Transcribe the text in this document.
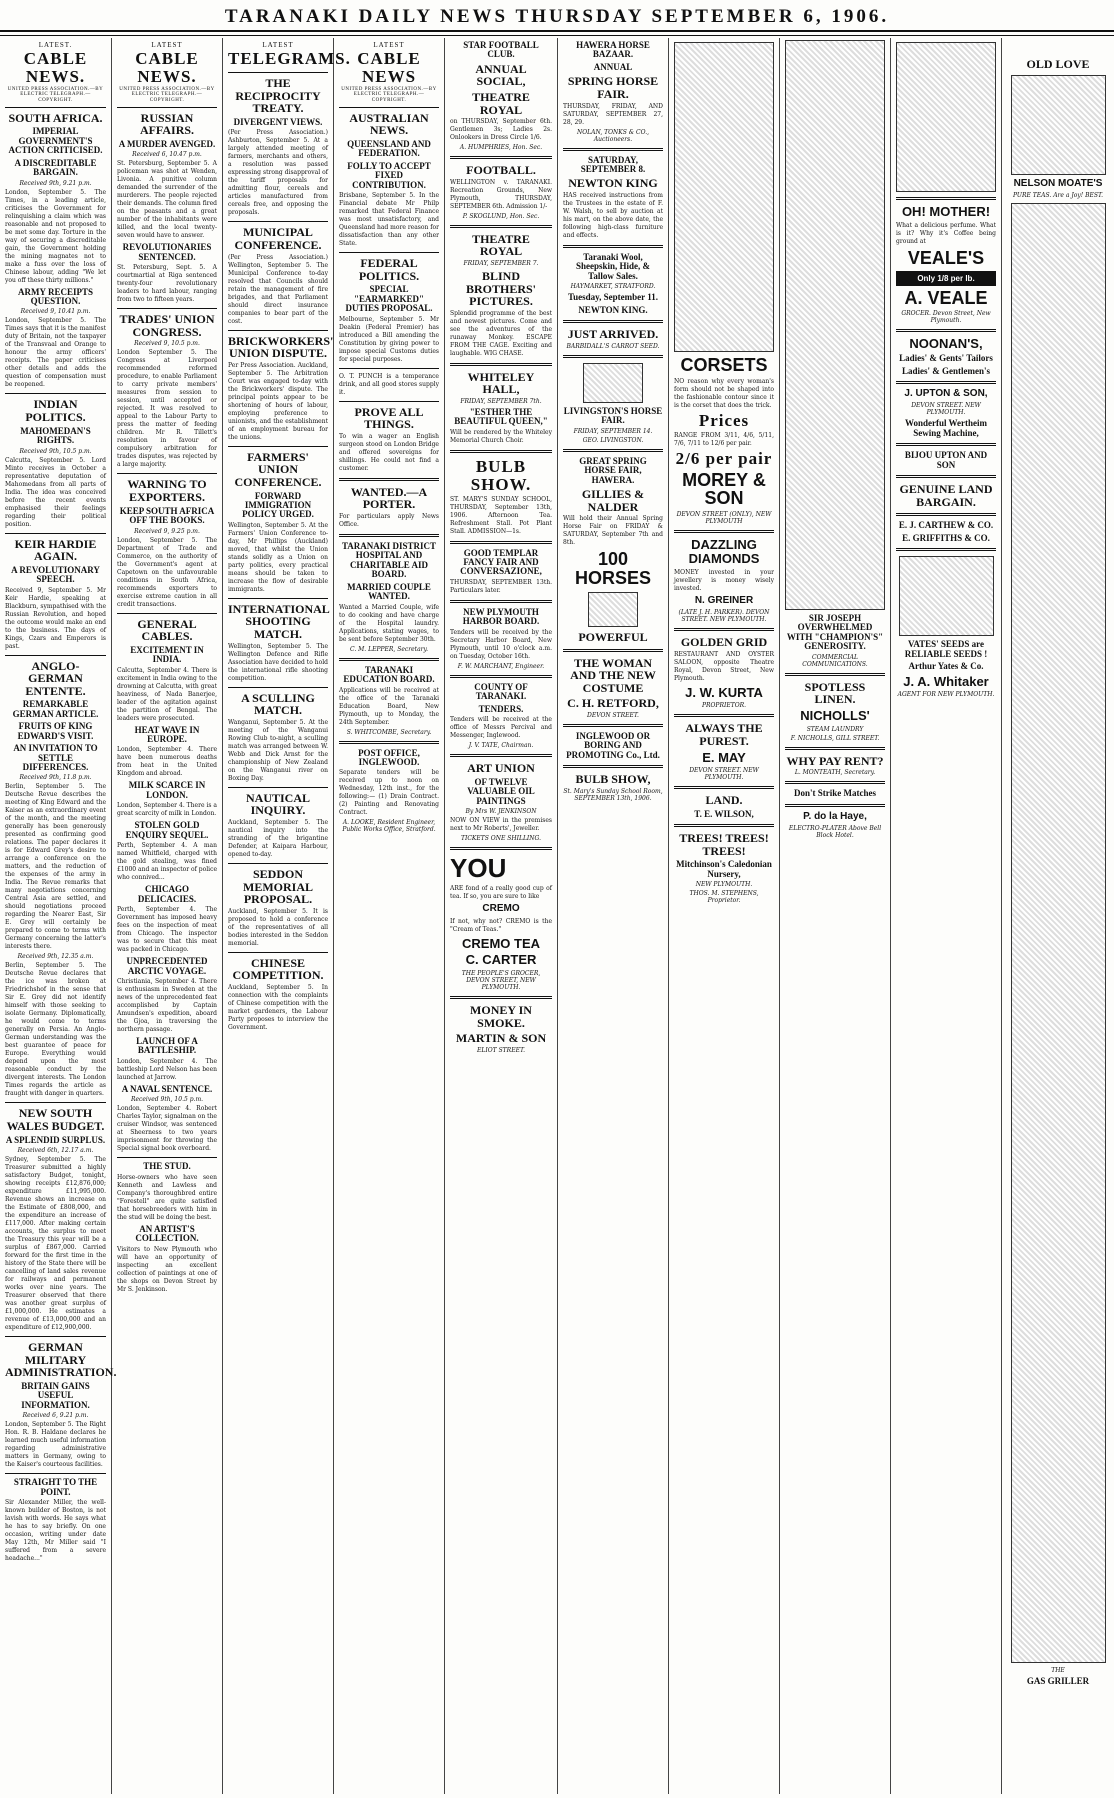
TARANAKI DAILY NEWS THURSDAY SEPTEMBER 6, 1906.
LATEST.
CABLE NEWS.
UNITED PRESS ASSOCIATION.—BY ELECTRIC TELEGRAPH.—COPYRIGHT.
SOUTH AFRICA.
IMPERIAL GOVERNMENT'S ACTION CRITICISED.
A DISCREDITABLE BARGAIN.
Received 9th, 9.21 p.m.

London, September 5. The Times, in a leading article, criticises the Government for relinquishing a claim which was reasonable and not proposed to be met some day. Torture in the way of securing a discreditable gain, the Government holding the mining magnates not to make a fuss over the loss of Chinese labour, adding "We let you off these thirty millions."

ARMY RECEIPTS QUESTION.
Received 9, 10.41 p.m.

London, September 5. The Times says that it is the manifest duty of Britain, not the taxpayer of the Transvaal and Orange to honour the army officers' receipts. The paper criticises other details and adds the question of compensation must be reopened.

INDIAN POLITICS.
MAHOMEDAN'S RIGHTS.
Received 9th, 10.5 p.m.

Calcutta, September 5. Lord Minto receives in October a representative deputation of Mahomedans from all parts of India. The idea was conceived before the recent events emphasised their feelings regarding their political position.

KEIR HARDIE AGAIN.
A REVOLUTIONARY SPEECH.

Received 9, September 5. Mr Keir Hardie, speaking at Blackburn, sympathised with the Russian Revolution, and hoped the outcome would make an end to the business. The days of Kings, Czars and Emperors is past.

ANGLO-GERMAN ENTENTE.
REMARKABLE GERMAN ARTICLE.
FRUITS OF KING EDWARD'S VISIT.
AN INVITATION TO SETTLE DIFFERENCES.
Received 9th, 11.8 p.m.

Berlin, September 5. The Deutsche Revue describes the meeting of King Edward and the Kaiser as an extraordinary event of the month, and the meeting generally has been generously presented as confirming good relations. The paper declares it is for Edward Grey's desire to arrange a conference on the matters, and the reduction of the expenses of the army in India. The Revue remarks that many negotiations concerning Central Asia are settled, and should negotiations proceed regarding the Nearer East, Sir E. Grey will certainly be prepared to come to terms with Germany concerning the latter's interests there.

Received 9th, 12.35 a.m.

Berlin, September 5. The Deutsche Revue declares that the ice was broken at Friedrichshof in the sense that Sir E. Grey did not identify himself with those seeking to isolate Germany. Diplomatically, he would come to terms generally on Persia. An Anglo-German understanding was the best guarantee of peace for Europe. Everything would depend upon the most reasonable conduct by the divergent interests. The London Times regards the article as fraught with danger in quarters.

NEW SOUTH WALES BUDGET.
A SPLENDID SURPLUS.
Received 6th, 12.17 a.m.

Sydney, September 5. The Treasurer submitted a highly satisfactory Budget, tonight, showing receipts £12,876,000; expenditure £11,995,000. Revenue shows an increase on the Estimate of £808,000, and the expenditure an increase of £117,000. After making certain accounts, the surplus to meet the Treasury this year will be a surplus of £867,000. Carried forward for the first time in the history of the State there will be cancelling of land sales revenue for railways and permanent works over nine years. The Treasurer observed that there was another great surplus of £1,000,000. He estimates a revenue of £13,000,000 and an expenditure of £12,900,000.

GERMAN MILITARY ADMINISTRATION.
BRITAIN GAINS USEFUL INFORMATION.
Received 6, 9.21 p.m.

London, September 5. The Right Hon. R. B. Haldane declares he learned much useful information regarding administrative matters in Germany, owing to the Kaiser's courteous facilities.

STRAIGHT TO THE POINT.

Sir Alexander Miller, the well-known builder of Boston, is not lavish with words. He says what he has to say briefly. On one occasion, writing under date May 12th, Mr Miller said "I suffered from a severe headache..."

LATEST
CABLE NEWS.
UNITED PRESS ASSOCIATION.—BY ELECTRIC TELEGRAPH.—COPYRIGHT.
RUSSIAN AFFAIRS.
A MURDER AVENGED.
Received 6, 10.47 p.m.

St. Petersburg, September 5. A policeman was shot at Wenden, Livonia. A punitive column demanded the surrender of the murderers. The people rejected their demands. The column fired on the peasants and a great number of the inhabitants were killed, and the local twenty-seven would have to answer.

REVOLUTIONARIES SENTENCED.

St. Petersburg, Sept. 5. A courtmartial at Riga sentenced twenty-four revolutionary leaders to hard labour, ranging from two to fifteen years.

TRADES' UNION CONGRESS.
Received 9, 10.5 p.m.

London September 5. The Congress at Liverpool recommended reformed procedure, to enable Parliament to carry private members' measures from session to session, until accepted or rejected. It was resolved to appeal to the Labour Party to press the matter of feeding children. Mr R. Tillett's resolution in favour of compulsory arbitration for trades disputes, was rejected by a large majority.

WARNING TO EXPORTERS.
KEEP SOUTH AFRICA OFF THE BOOKS.
Received 9, 9.25 p.m.

London, September 5. The Department of Trade and Commerce, on the authority of the Government's agent at Capetown on the unfavourable conditions in South Africa, recommends exporters to exercise extreme caution in all credit transactions.

GENERAL CABLES.
EXCITEMENT IN INDIA.

Calcutta, September 4. There is excitement in India owing to the drowning at Calcutta, with great heaviness, of Nada Banerjee, leader of the agitation against the partition of Bengal. The leaders were prosecuted.

HEAT WAVE IN EUROPE.

London, September 4. There have been numerous deaths from heat in the United Kingdom and abroad.

MILK SCARCE IN LONDON.

London, September 4. There is a great scarcity of milk in London.

STOLEN GOLD ENQUIRY SEQUEL.

Perth, September 4. A man named Whitfield, charged with the gold stealing, was fined £1000 and an inspector of police who connived...

CHICAGO DELICACIES.

Perth, September 4. The Government has imposed heavy fees on the inspection of meat from Chicago. The inspector was to secure that this meat was packed in Chicago.

UNPRECEDENTED ARCTIC VOYAGE.

Christiania, September 4. There is enthusiasm in Sweden at the news of the unprecedented feat accomplished by Captain Amundsen's expedition, aboard the Gjoa, in traversing the northern passage.

LAUNCH OF A BATTLESHIP.

London, September 4. The battleship Lord Nelson has been launched at Jarrow.

A NAVAL SENTENCE.
Received 9th, 10.5 p.m.

London, September 4. Robert Charles Taylor, signalman on the cruiser Windsor, was sentenced at Sheerness to two years imprisonment for throwing the Special signal book overboard.

THE STUD.

Horse-owners who have seen Kenneth and Lawless and Company's thoroughbred entire "Forestell" are quite satisfied that horsebreeders with him in the stud will be doing the best.

AN ARTIST'S COLLECTION.

Visitors to New Plymouth who will have an opportunity of inspecting an excellent collection of paintings at one of the shops on Devon Street by Mr S. Jenkinson.

LATEST
TELEGRAMS.
THE RECIPROCITY TREATY.
DIVERGENT VIEWS.

(Per Press Association.) Ashburton, September 5. At a largely attended meeting of farmers, merchants and others, a resolution was passed expressing strong disapproval of the tariff proposals for admitting flour, cereals and articles manufactured from cereals free, and opposing the proposals.

MUNICIPAL CONFERENCE.

(Per Press Association.) Wellington, September 5. The Municipal Conference to-day resolved that Councils should retain the management of fire brigades, and that Parliament should direct insurance companies to bear part of the cost.

BRICKWORKERS' UNION DISPUTE.

Per Press Association. Auckland, September 5. The Arbitration Court was engaged to-day with the Brickworkers' dispute. The principal points appear to be shortening of hours of labour, employing preference to unionists, and the establishment of an employment bureau for the unions.

FARMERS' UNION CONFERENCE.
FORWARD IMMIGRATION POLICY URGED.

Wellington, September 5. At the Farmers' Union Conference to-day, Mr Phillips (Auckland) moved, that whilst the Union stands solidly as a Union on party politics, every practical means should be taken to increase the flow of desirable immigrants.

INTERNATIONAL SHOOTING MATCH.

Wellington, September 5. The Wellington Defence and Rifle Association have decided to hold the international rifle shooting competition.

A SCULLING MATCH.

Wanganui, September 5. At the meeting of the Wanganui Rowing Club to-night, a sculling match was arranged between W. Webb and Dick Arnst for the championship of New Zealand on the Wanganui river on Boxing Day.

NAUTICAL INQUIRY.

Auckland, September 5. The nautical inquiry into the stranding of the brigantine Defender, at Kaipara Harbour, opened to-day.

SEDDON MEMORIAL PROPOSAL.

Auckland, September 5. It is proposed to hold a conference of the representatives of all bodies interested in the Seddon memorial.

CHINESE COMPETITION.

Auckland, September 5. In connection with the complaints of Chinese competition with the market gardeners, the Labour Party proposes to interview the Government.

LATEST
CABLE NEWS
UNITED PRESS ASSOCIATION.—BY ELECTRIC TELEGRAPH.—COPYRIGHT.
AUSTRALIAN NEWS.
QUEENSLAND AND FEDERATION.
FOLLY TO ACCEPT FIXED CONTRIBUTION.

Brisbane, September 5. In the Financial debate Mr Philp remarked that Federal Finance was most unsatisfactory, and Queensland had more reason for dissatisfaction than any other State.

FEDERAL POLITICS.
SPECIAL "EARMARKED" DUTIES PROPOSAL.

Melbourne, September 5. Mr Deakin (Federal Premier) has introduced a Bill amending the Constitution by giving power to impose special Customs duties for special purposes.

O. T. PUNCH is a temperance drink, and all good stores supply it.

PROVE ALL THINGS.

To win a wager an English surgeon stood on London Bridge and offered sovereigns for shillings. He could not find a customer.

WANTED.—A PORTER.

For particulars apply News Office.

TARANAKI DISTRICT HOSPITAL AND CHARITABLE AID BOARD.
MARRIED COUPLE WANTED.

Wanted a Married Couple, wife to do cooking and have charge of the Hospital laundry. Applications, stating wages, to be sent before September 30th.

C. M. LEPPER, Secretary.
TARANAKI EDUCATION BOARD.

Applications will be received at the office of the Taranaki Education Board, New Plymouth, up to Monday, the 24th September.

S. WHITCOMBE, Secretary.
POST OFFICE, INGLEWOOD.

Separate tenders will be received up to noon on Wednesday, 12th inst., for the following:— (1) Drain Contract. (2) Painting and Renovating Contract.

A. LOOKE, Resident Engineer, Public Works Office, Stratford.
STAR FOOTBALL CLUB.
ANNUAL SOCIAL,
THEATRE ROYAL

on THURSDAY, September 6th. Gentlemen 3s; Ladies 2s. Onlookers in Dress Circle 1/6.

A. HUMPHRIES, Hon. Sec.
FOOTBALL.

WELLINGTON v. TARANAKI. Recreation Grounds, New Plymouth, THURSDAY, SEPTEMBER 6th. Admission 1/-

P. SKOGLUND, Hon. Sec.
THEATRE ROYAL
FRIDAY, SEPTEMBER 7.
BLIND BROTHERS' PICTURES.

Splendid programme of the best and newest pictures. Come and see the adventures of the runaway Monkey. ESCAPE FROM THE CAGE. Exciting and laughable. WIG CHASE.

WHITELEY HALL,
FRIDAY, SEPTEMBER 7th.
"ESTHER THE BEAUTIFUL QUEEN,"

Will be rendered by the Whiteley Memorial Church Choir.

BULB SHOW.

ST. MARY'S SUNDAY SCHOOL, THURSDAY, September 13th, 1906. Afternoon Tea. Refreshment Stall. Pot Plant Stall. ADMISSION—1s.

GOOD TEMPLAR FANCY FAIR AND CONVERSAZIONE,

THURSDAY, SEPTEMBER 13th. Particulars later.

NEW PLYMOUTH HARBOR BOARD.

Tenders will be received by the Secretary Harbor Board, New Plymouth, until 10 o'clock a.m. on Tuesday, October 16th.

F. W. MARCHANT, Engineer.
COUNTY OF TARANAKI.
TENDERS.

Tenders will be received at the office of Messrs Percival and Messenger, Inglewood.

J. V. TATE, Chairman.
ART UNION
OF TWELVE VALUABLE OIL PAINTINGS
By Mrs W. JENKINSON

NOW ON VIEW in the premises next to Mr Roberts', Jeweller.

TICKETS ONE SHILLING.
YOU

ARE fond of a really good cup of tea. If so, you are sure to like

CREMO

If not, why not? CREMO is the "Cream of Teas."

CREMO TEA
C. CARTER
THE PEOPLE'S GROCER, DEVON STREET, NEW PLYMOUTH.
MONEY IN SMOKE.
MARTIN & SON
ELIOT STREET.
HAWERA HORSE BAZAAR.
ANNUAL
SPRING HORSE FAIR.

THURSDAY, FRIDAY, AND SATURDAY, SEPTEMBER 27, 28, 29.

NOLAN, TONKS & CO., Auctioneers.
SATURDAY, SEPTEMBER 8.
NEWTON KING

HAS received instructions from the Trustees in the estate of F. W. Walsh, to sell by auction at his mart, on the above date, the following high-class furniture and effects.

Taranaki Wool, Sheepskin, Hide, & Tallow Sales.
HAYMARKET, STRATFORD.
Tuesday, September 11.
NEWTON KING.
JUST ARRIVED.
BARBIDALL'S CARROT SEED.
LIVINGSTON'S HORSE FAIR.
FRIDAY, SEPTEMBER 14.
GEO. LIVINGSTON.
GREAT SPRING HORSE FAIR, HAWERA.
GILLIES & NALDER

Will hold their Annual Spring Horse Fair on FRIDAY & SATURDAY, September 7th and 8th.

100 HORSES
POWERFUL
THE WOMAN AND THE NEW COSTUME
C. H. RETFORD,
DEVON STREET.
INGLEWOOD OR BORING AND PROMOTING Co., Ltd.
BULB SHOW,
St. Mary's Sunday School Room, SEPTEMBER 13th, 1906.
CORSETS

NO reason why every woman's form should not be shaped into the fashionable contour since it is the corset that does the trick.

Prices

RANGE FROM 3/11, 4/6, 5/11, 7/6, 7/11 to 12/6 per pair.

2/6 per pair
MOREY & SON
DEVON STREET (ONLY), NEW PLYMOUTH
DAZZLING DIAMONDS

MONEY invested in your jewellery is money wisely invested.

N. GREINER
(LATE J. H. PARKER). DEVON STREET. NEW PLYMOUTH.
GOLDEN GRID

RESTAURANT AND OYSTER SALOON, opposite Theatre Royal, Devon Street, New Plymouth.

J. W. KURTA
PROPRIETOR.
ALWAYS THE PUREST.
E. MAY
DEVON STREET. NEW PLYMOUTH.
LAND.
T. E. WILSON,
TREES! TREES! TREES!
Mitchinson's Caledonian Nursery,
NEW PLYMOUTH.
THOS. M. STEPHENS, Proprietor.
SIR JOSEPH OVERWHELMED WITH "CHAMPION'S" GENEROSITY.
COMMERCIAL COMMUNICATIONS.
SPOTLESS LINEN.
NICHOLLS'
STEAM LAUNDRY
F. NICHOLLS, GILL STREET.
WHY PAY RENT?
L. MONTEATH, Secretary.
Don't Strike Matches
P. do la Haye,
ELECTRO-PLATER Above Bell Block Hotel.
OH! MOTHER!

What a delicious perfume. What is it? Why it's Coffee being ground at

VEALE'S
Only 1/8 per lb.
A. VEALE
GROCER. Devon Street, New Plymouth.
NOONAN'S,
Ladies' & Gents' Tailors
Ladies' & Gentlemen's
J. UPTON & SON,
DEVON STREET. NEW PLYMOUTH.
Wonderful Wertheim Sewing Machine,
BIJOU UPTON AND SON
GENUINE LAND BARGAIN.
E. J. CARTHEW & CO.
E. GRIFFITHS & CO.
VATES' SEEDS are RELIABLE SEEDS !
Arthur Yates & Co.
J. A. Whitaker
AGENT FOR NEW PLYMOUTH.
OLD LOVE
NELSON MOATE'S
PURE TEAS. Are a Joy! BEST.
THE
GAS GRILLER
